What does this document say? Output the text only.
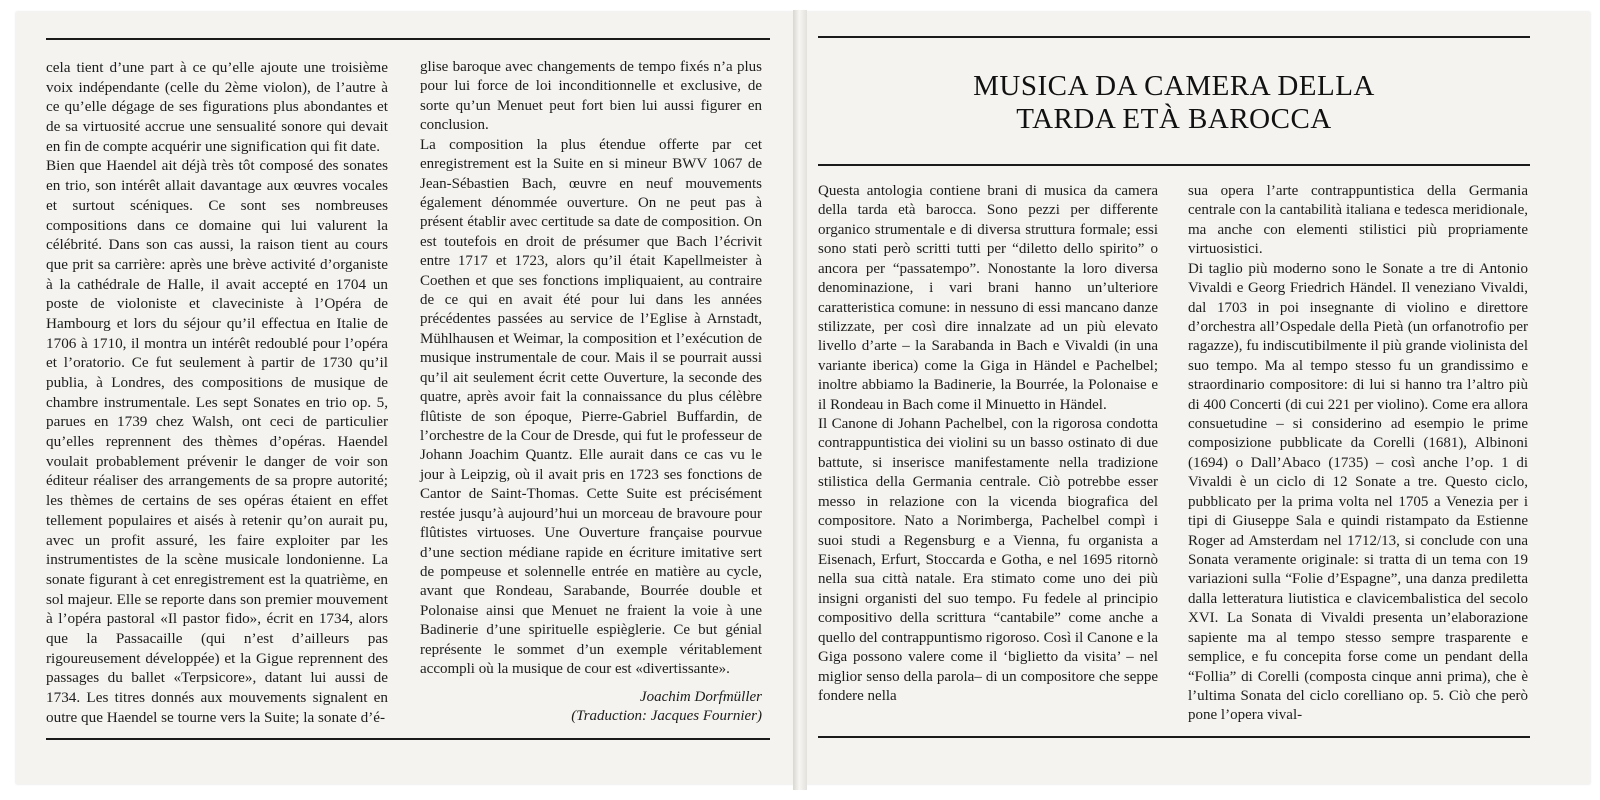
cela tient d’une part à ce qu’elle ajoute une troisième voix indépendante (celle du 2ème violon), de l’autre à ce qu’elle dégage de ses figurations plus abondantes et de sa virtuosité accrue une sensualité sonore qui devait en fin de compte acquérir une signification qui fit date.

Bien que Haendel ait déjà très tôt composé des sonates en trio, son intérêt allait davantage aux œuvres vocales et surtout scéniques. Ce sont ses nombreuses compositions dans ce domaine qui lui valurent la célébrité. Dans son cas aussi, la raison tient au cours que prit sa carrière: après une brève activité d’organiste à la cathédrale de Halle, il avait accepté en 1704 un poste de violoniste et claveciniste à l’Opéra de Hambourg et lors du séjour qu’il effectua en Italie de 1706 à 1710, il montra un intérêt redoublé pour l’opéra et l’oratorio. Ce fut seulement à partir de 1730 qu’il publia, à Londres, des compositions de musique de chambre instrumentale. Les sept Sonates en trio op. 5, parues en 1739 chez Walsh, ont ceci de particulier qu’elles reprennent des thèmes d’opéras. Haendel voulait probablement prévenir le danger de voir son éditeur réaliser des arrangements de sa propre autorité; les thèmes de certains de ses opéras étaient en effet tellement populaires et aisés à retenir qu’on aurait pu, avec un profit assuré, les faire exploiter par les instrumentistes de la scène musicale londonienne. La sonate figurant à cet enregistrement est la quatrième, en sol majeur. Elle se reporte dans son premier mouvement à l’opéra pastoral «Il pastor fido», écrit en 1734, alors que la Passacaille (qui n’est d’ailleurs pas rigoureusement développée) et la Gigue reprennent des passages du ballet «Terpsicore», datant lui aussi de 1734. Les titres donnés aux mouvements signalent en outre que Haendel se tourne vers la Suite; la sonate d’é-

glise baroque avec changements de tempo fixés n’a plus pour lui force de loi inconditionnelle et exclusive, de sorte qu’un Menuet peut fort bien lui aussi figurer en conclusion.

La composition la plus étendue offerte par cet enregistrement est la Suite en si mineur BWV 1067 de Jean-Sébastien Bach, œuvre en neuf mouvements également dénommée ouverture. On ne peut pas à présent établir avec certitude sa date de composition. On est toutefois en droit de présumer que Bach l’écrivit entre 1717 et 1723, alors qu’il était Kapellmeister à Coethen et que ses fonctions impliquaient, au contraire de ce qui en avait été pour lui dans les années précédentes passées au service de l’Eglise à Arnstadt, Mühlhausen et Weimar, la composition et l’exécution de musique instrumentale de cour. Mais il se pourrait aussi qu’il ait seulement écrit cette Ouverture, la seconde des quatre, après avoir fait la connaissance du plus célèbre flûtiste de son époque, Pierre-Gabriel Buffardin, de l’orchestre de la Cour de Dresde, qui fut le professeur de Johann Joachim Quantz. Elle aurait dans ce cas vu le jour à Leipzig, où il avait pris en 1723 ses fonctions de Cantor de Saint-Thomas. Cette Suite est précisément restée jusqu’à aujourd’hui un morceau de bravoure pour flûtistes virtuoses. Une Ouverture française pourvue d’une section médiane rapide en écriture imitative sert de pompeuse et solennelle entrée en matière au cycle, avant que Rondeau, Sarabande, Bourrée double et Polonaise ainsi que Menuet ne fraient la voie à une Badinerie d’une spirituelle espièglerie. Ce but génial représente le sommet d’un exemple véritablement accompli où la musique de cour est «divertissante».

Joachim Dorfmüller

(Traduction: Jacques Fournier)

MUSICA DA CAMERA DELLA
TARDA ETÀ BAROCCA

Questa antologia contiene brani di musica da camera della tarda età barocca. Sono pezzi per differente organico strumentale e di diversa struttura formale; essi sono stati però scritti tutti per “diletto dello spirito” o ancora per “passatempo”. Nonostante la loro diversa denominazione, i vari brani hanno un’ulteriore caratteristica comune: in nessuno di essi mancano danze stilizzate, per così dire innalzate ad un più elevato livello d’arte – la Sarabanda in Bach e Vivaldi (in una variante iberica) come la Giga in Händel e Pachelbel; inoltre abbiamo la Badinerie, la Bourrée, la Polonaise e il Rondeau in Bach come il Minuetto in Händel.

Il Canone di Johann Pachelbel, con la rigorosa condotta contrappuntistica dei violini su un basso ostinato di due battute, si inserisce manifestamente nella tradizione stilistica della Germania centrale. Ciò potrebbe esser messo in relazione con la vicenda biografica del compositore. Nato a Norimberga, Pachelbel compì i suoi studi a Regensburg e a Vienna, fu organista a Eisenach, Erfurt, Stoccarda e Gotha, e nel 1695 ritornò nella sua città natale. Era stimato come uno dei più insigni organisti del suo tempo. Fu fedele al principio compositivo della scrittura “cantabile” come anche a quello del contrappuntismo rigoroso. Così il Canone e la Giga possono valere come il ‘biglietto da visita’ – nel miglior senso della parola– di un compositore che seppe fondere nella

sua opera l’arte contrappuntistica della Germania centrale con la cantabilità italiana e tedesca meridionale, ma anche con elementi stilistici più propriamente virtuosistici.

Di taglio più moderno sono le Sonate a tre di Antonio Vivaldi e Georg Friedrich Händel. Il veneziano Vivaldi, dal 1703 in poi insegnante di violino e direttore d’orchestra all’Ospedale della Pietà (un orfanotrofio per ragazze), fu indiscutibilmente il più grande violinista del suo tempo. Ma al tempo stesso fu un grandissimo e straordinario compositore: di lui si hanno tra l’altro più di 400 Concerti (di cui 221 per violino). Come era allora consuetudine – si considerino ad esempio le prime composizione pubblicate da Corelli (1681), Albinoni (1694) o Dall’Abaco (1735) – così anche l’op. 1 di Vivaldi è un ciclo di 12 Sonate a tre. Questo ciclo, pubblicato per la prima volta nel 1705 a Venezia per i tipi di Giuseppe Sala e quindi ristampato da Estienne Roger ad Amsterdam nel 1712/13, si conclude con una Sonata veramente originale: si tratta di un tema con 19 variazioni sulla “Folie d’Espagne”, una danza prediletta dalla letteratura liutistica e clavicembalistica del secolo XVI. La Sonata di Vivaldi presenta un’elaborazione sapiente ma al tempo stesso sempre trasparente e semplice, e fu concepita forse come un pendant della “Follia” di Corelli (composta cinque anni prima), che è l’ultima Sonata del ciclo corelliano op. 5. Ciò che però pone l’opera vival-
